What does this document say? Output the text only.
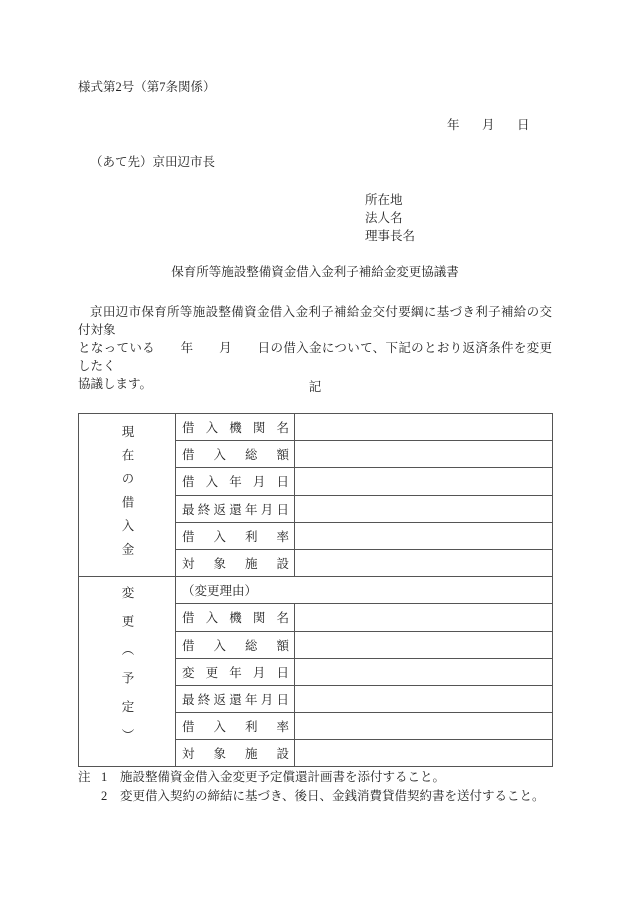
様式第2号（第7条関係）
年 月 日
（あて先）京田辺市長
所在地
法人名
理事長名
保育所等施設整備資金借入金利子補給金変更協議書
京田辺市保育所等施設整備資金借入金利子補給金交付要綱に基づき利子補給の交付対象
となっている　　年　　月　　日の借入金について、下記のとおり返済条件を変更したく
協議します。	記
現在の借入金	借入機関名	

	借入総額	

	借入年月日	

	最終返還年月日	

	借入利率	

	対象施設	

変更︵予定︶	（変更理由）	

	借入機関名	

	借入総額	

	変更年月日	

	最終返還年月日	

	借入利率	

	対象施設	

注 1 施設整備資金借入金変更予定償還計画書を添付すること。
2 変更借入契約の締結に基づき、後日、金銭消費貸借契約書を送付すること。
